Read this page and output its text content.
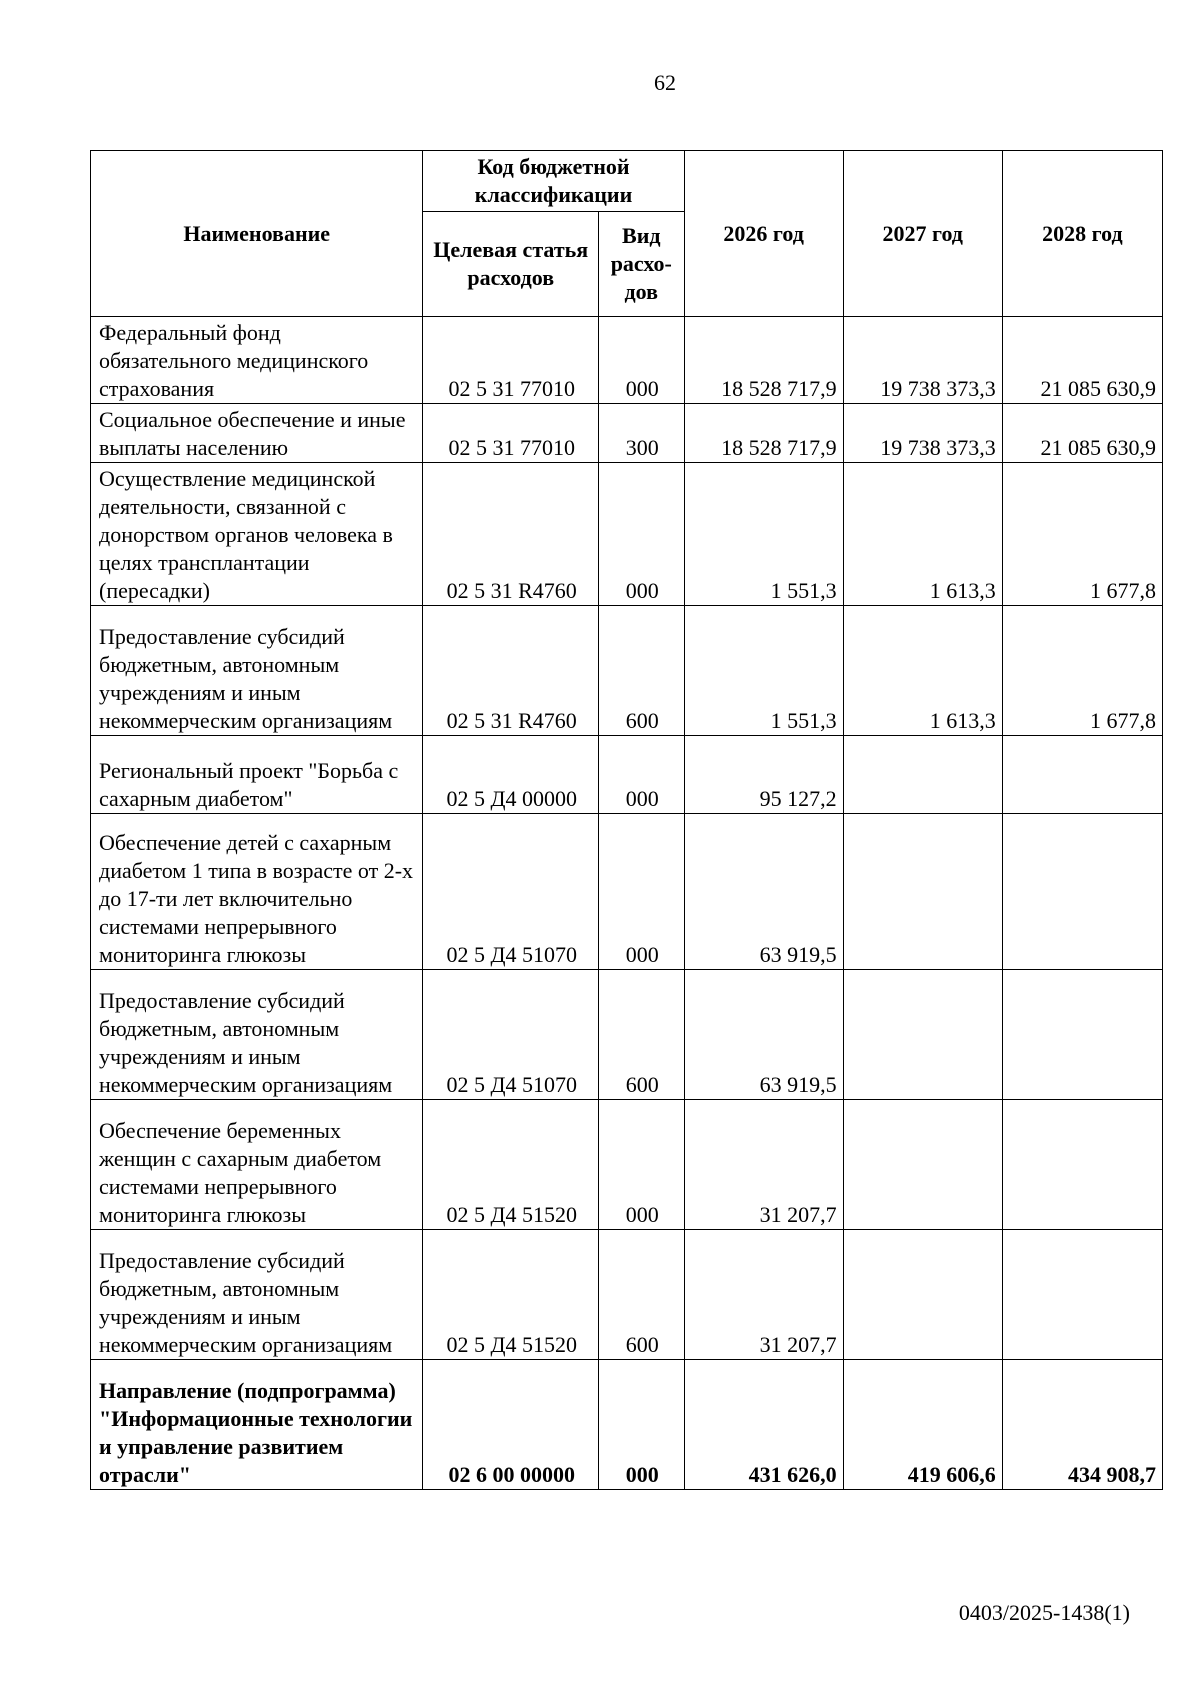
62
Наименование	Код бюджетной классификации		2026 год	2027 год	2028 год
	Целевая статья расходов	Вид расхо-дов			
Федеральный фонд обязательного медицинского страхования	02 5 31 77010	000	18 528 717,9	19 738 373,3	21 085 630,9
Социальное обеспечение и иные выплаты населению	02 5 31 77010	300	18 528 717,9	19 738 373,3	21 085 630,9
Осуществление медицинской деятельности, связанной с донорством органов человека в целях трансплантации (пересадки)	02 5 31 R4760	000	1 551,3	1 613,3	1 677,8
Предоставление субсидий бюджетным, автономным учреждениям и иным некоммерческим организациям	02 5 31 R4760	600	1 551,3	1 613,3	1 677,8
Региональный проект "Борьба с сахарным диабетом"	02 5 Д4 00000	000	95 127,2		
Обеспечение детей с сахарным диабетом 1 типа в возрасте от 2-х до 17-ти лет включительно системами непрерывного мониторинга глюкозы	02 5 Д4 51070	000	63 919,5		
Предоставление субсидий бюджетным, автономным учреждениям и иным некоммерческим организациям	02 5 Д4 51070	600	63 919,5		
Обеспечение беременных женщин с сахарным диабетом системами непрерывного мониторинга глюкозы	02 5 Д4 51520	000	31 207,7		
Предоставление субсидий бюджетным, автономным учреждениям и иным некоммерческим организациям	02 5 Д4 51520	600	31 207,7		
Направление (подпрограмма) "Информационные технологии и управление развитием отрасли"	02 6 00 00000	000	431 626,0	419 606,6	434 908,7
0403/2025-1438(1)
